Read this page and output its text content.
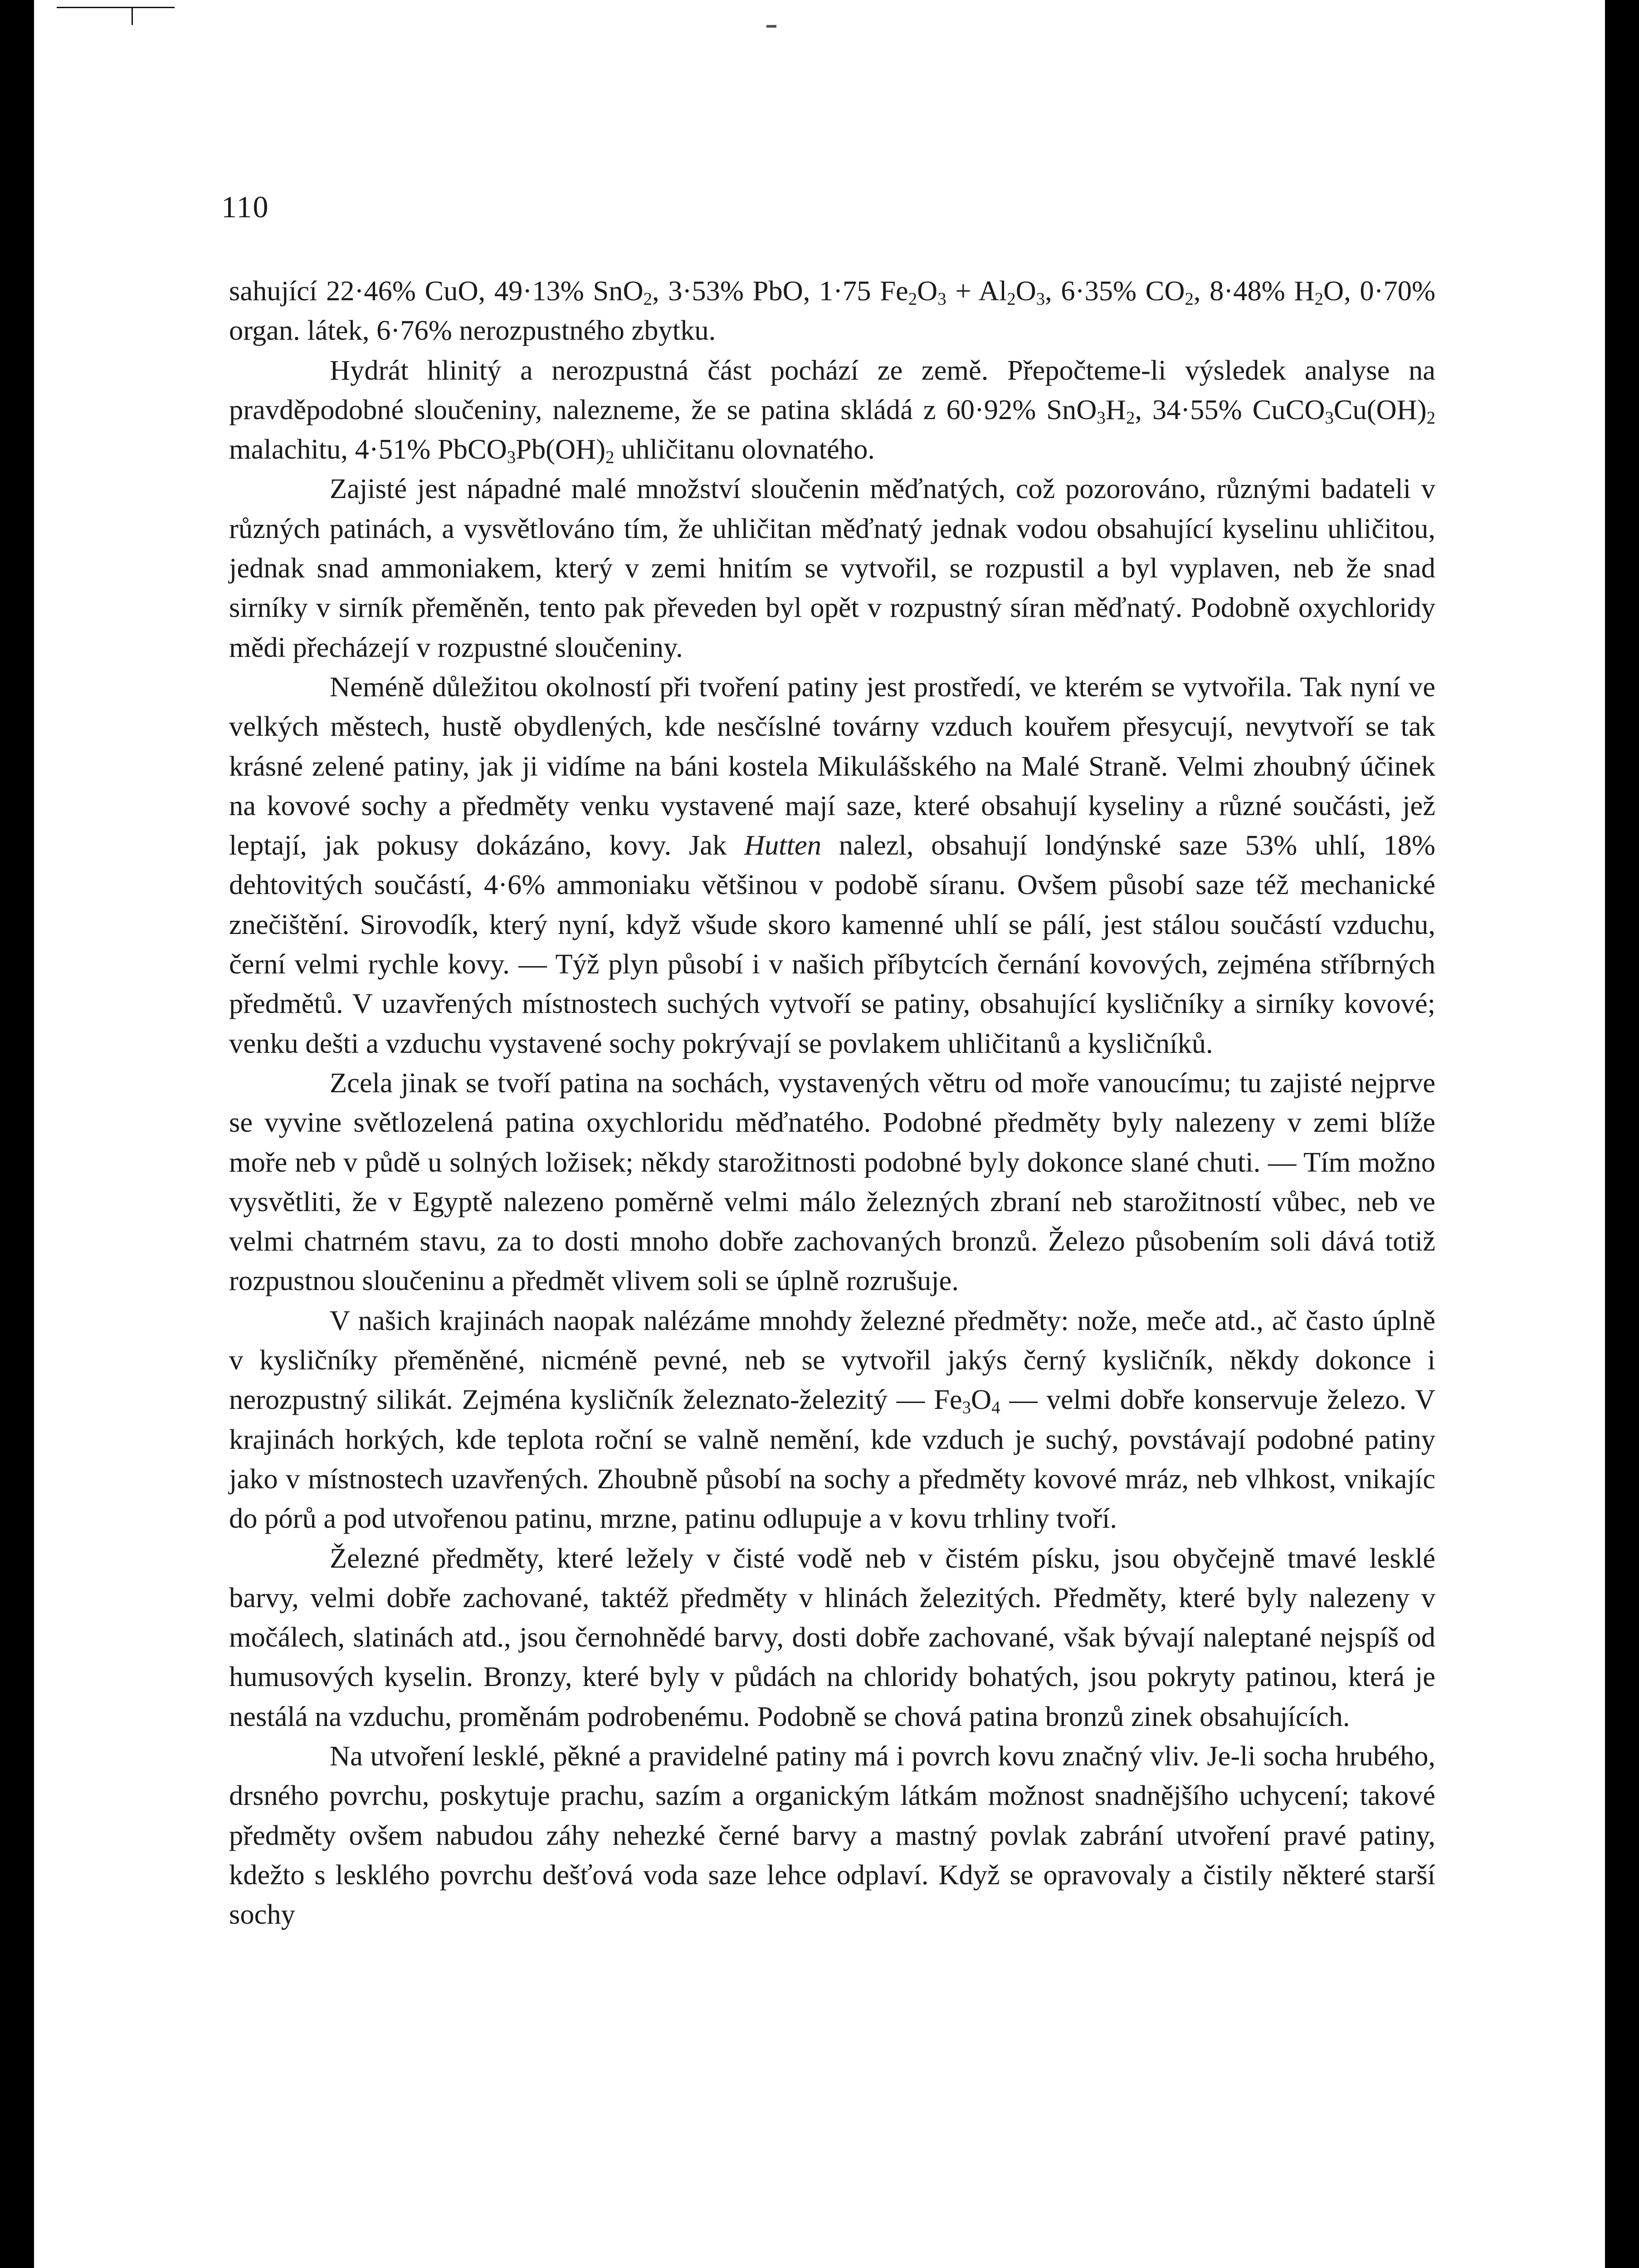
110

sahující 22·46% CuO, 49·13% SnO$_2$, 3·53% PbO, 1·75 $Fe_2O_3 + Al_2O_3$, 6·35% $CO_2$, 8·48% $H_2O$, 0·70% organ. látek, 6·76% nerozpustného zbytku.

Hydrát hlinitý a nerozpustná část pochází ze země. Přepočteme-li výsledek analyse na pravděpodobné sloučeniny, nalezneme, že se patina skládá z 60·92% $SnO_3H_2$, 34·55% $CuCO_3Cu(OH)_2$ malachitu, 4·51% $PbCO_3Pb(OH)_2$ uhličitanu olovnatého.

Zajisté jest nápadné malé množství sloučenin měďnatých, což pozorováno, různými badateli v různých patinách, a vysvětlováno tím, že uhličitan měďnatý jednak vodou obsahující kyselinu uhličitou, jednak snad ammoniakem, který v zemi hnitím se vytvořil, se rozpustil a byl vyplaven, neb že snad sirníky v sirník přeměněn, tento pak převeden byl opět v rozpustný síran měďnatý. Podobně oxychloridy mědi přecházejí v rozpustné sloučeniny.

Neméně důležitou okolností při tvoření patiny jest prostředí, ve kterém se vytvořila. Tak nyní ve velkých městech, hustě obydlených, kde nesčíslné továrny vzduch kouřem přesycují, nevytvoří se tak krásné zelené patiny, jak ji vidíme na báni kostela Mikulášského na Malé Straně. Velmi zhoubný účinek na kovové sochy a předměty venku vystavené mají saze, které obsahují kyseliny a různé součásti, jež leptají, jak pokusy dokázáno, kovy. Jak Hutten nalezl, obsahují londýnské saze 53% uhlí, 18% dehtovitých součástí, 4·6% ammoniaku většinou v podobě síranu. Ovšem působí saze též mechanické znečištění. Sirovodík, který nyní, když všude skoro kamenné uhlí se pálí, jest stálou součástí vzduchu, černí velmi rychle kovy. — Týž plyn působí i v našich příbytcích černání kovových, zejména stříbrných předmětů. V uzavřených místnostech suchých vytvoří se patiny, obsahující kysličníky a sirníky kovové; venku dešti a vzduchu vystavené sochy pokrývají se povlakem uhličitanů a kysličníků.

Zcela jinak se tvoří patina na sochách, vystavených větru od moře vanoucímu; tu zajisté nejprve se vyvine světlozelená patina oxychloridu měďnatého. Podobné předměty byly nalezeny v zemi blíže moře neb v půdě u solných ložisek; někdy starožitnosti podobné byly dokonce slané chuti. — Tím možno vysvětliti, že v Egyptě nalezeno poměrně velmi málo železných zbraní neb starožitností vůbec, neb ve velmi chatrném stavu, za to dosti mnoho dobře zachovaných bronzů. Železo působením soli dává totiž rozpustnou sloučeninu a předmět vlivem soli se úplně rozrušuje.

V našich krajinách naopak nalézáme mnohdy železné předměty: nože, meče atd., ač často úplně v kysličníky přeměněné, nicméně pevné, neb se vytvořil jakýs černý kysličník, někdy dokonce i nerozpustný silikát. Zejména kysličník železnato-železitý — $Fe_3O_4$ — velmi dobře konservuje železo. V krajinách horkých, kde teplota roční se valně nemění, kde vzduch je suchý, povstávají podobné patiny jako v místnostech uzavřených. Zhoubně působí na sochy a předměty kovové mráz, neb vlhkost, vnikajíc do pórů a pod utvořenou patinu, mrzne, patinu odlupuje a v kovu trhliny tvoří.

Železné předměty, které ležely v čisté vodě neb v čistém písku, jsou obyčejně tmavé lesklé barvy, velmi dobře zachované, taktéž předměty v hlinách železitých. Předměty, které byly nalezeny v močálech, slatinách atd., jsou černohnědé barvy, dosti dobře zachované, však bývají naleptané nejspíš od humusových kyselin. Bronzy, které byly v půdách na chloridy bohatých, jsou pokryty patinou, která je nestálá na vzduchu, proměnám podrobenému. Podobně se chová patina bronzů zinek obsahujících.

Na utvoření lesklé, pěkné a pravidelné patiny má i povrch kovu značný vliv. Je-li socha hrubého, drsného povrchu, poskytuje prachu, sazím a organickým látkám možnost snadnějšího uchycení; takové předměty ovšem nabudou záhy nehezké černé barvy a mastný povlak zabrání utvoření pravé patiny, kdežto s lesklého povrchu dešťová voda saze lehce odplaví. Když se opravovaly a čistily některé starší sochy
